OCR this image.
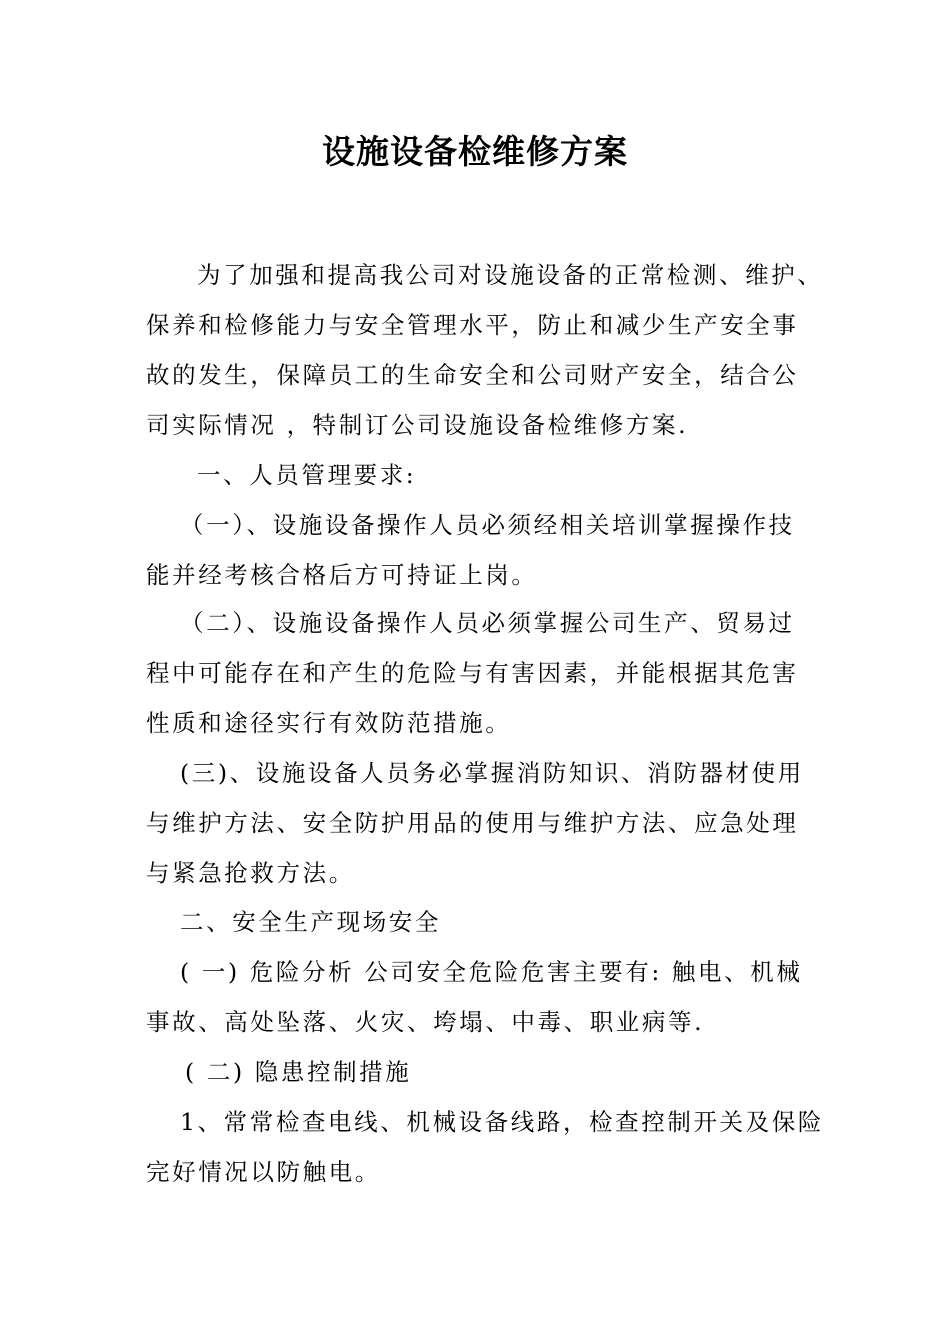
设施设备检维修方案
为了加强和提高我公司对设施设备的正常检测、维护、
保养和检修能力与安全管理水平，防止和减少生产安全事
故的发生，保障员工的生命安全和公司财产安全，结合公
司实际情况 ，特制订公司设施设备检维修方案.
一、人员管理要求:
（一）、设施设备操作人员必须经相关培训掌握操作技
能并经考核合格后方可持证上岗。
（二）、设施设备操作人员必须掌握公司生产、贸易过
程中可能存在和产生的危险与有害因素，并能根据其危害
性质和途径实行有效防范措施。
(三)、设施设备人员务必掌握消防知识、消防器材使用
与维护方法、安全防护用品的使用与维护方法、应急处理
与紧急抢救方法。
二、安全生产现场安全
( 一) 危险分析 公司安全危险危害主要有: 触电、机械
事故、高处坠落、火灾、垮塌、中毒、职业病等.
( 二) 隐患控制措施
1、常常检查电线、机械设备线路，检查控制开关及保险
完好情况以防触电。
